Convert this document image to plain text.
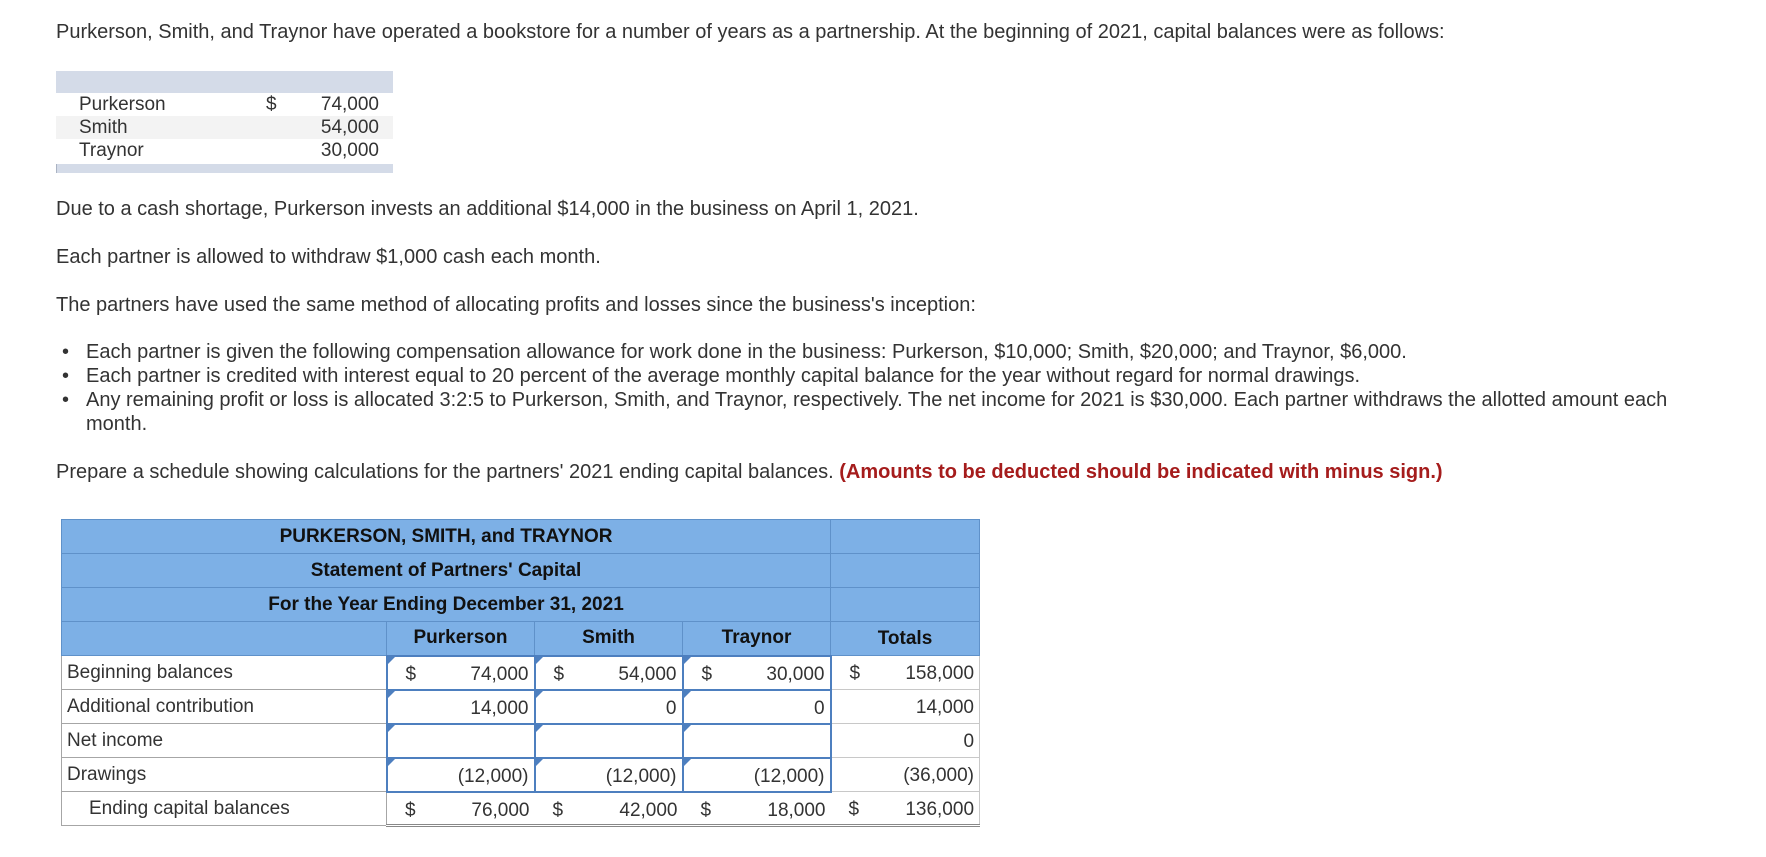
Purkerson, Smith, and Traynor have operated a bookstore for a number of years as a partnership. At the beginning of 2021, capital balances were as follows:

Purkerson	$ 74,000
Smith	54,000
Traynor	30,000

Due to a cash shortage, Purkerson invests an additional $14,000 in the business on April 1, 2021.

Each partner is allowed to withdraw $1,000 cash each month.

The partners have used the same method of allocating profits and losses since the business's inception:

• Each partner is given the following compensation allowance for work done in the business: Purkerson, $10,000; Smith, $20,000; and Traynor, $6,000.
• Each partner is credited with interest equal to 20 percent of the average monthly capital balance for the year without regard for normal drawings.
• Any remaining profit or loss is allocated 3:2:5 to Purkerson, Smith, and Traynor, respectively. The net income for 2021 is $30,000. Each partner withdraws the allotted amount each
month.

Prepare a schedule showing calculations for the partners' 2021 ending capital balances. (Amounts to be deducted should be indicated with minus sign.)

PURKERSON, SMITH, and TRAYNOR				
Statement of Partners' Capital				
For the Year Ending December 31, 2021				
	Purkerson	Smith	Traynor	Totals
Beginning balances	$ 74,000	$ 54,000	$ 30,000	$ 158,000

Additional contribution	14,000	0	0	14,000

Net income				0

Drawings	(12,000)	(12,000)	(12,000)	(36,000)

Ending capital balances	$ 76,000	$ 42,000	$ 18,000	$ 136,000
